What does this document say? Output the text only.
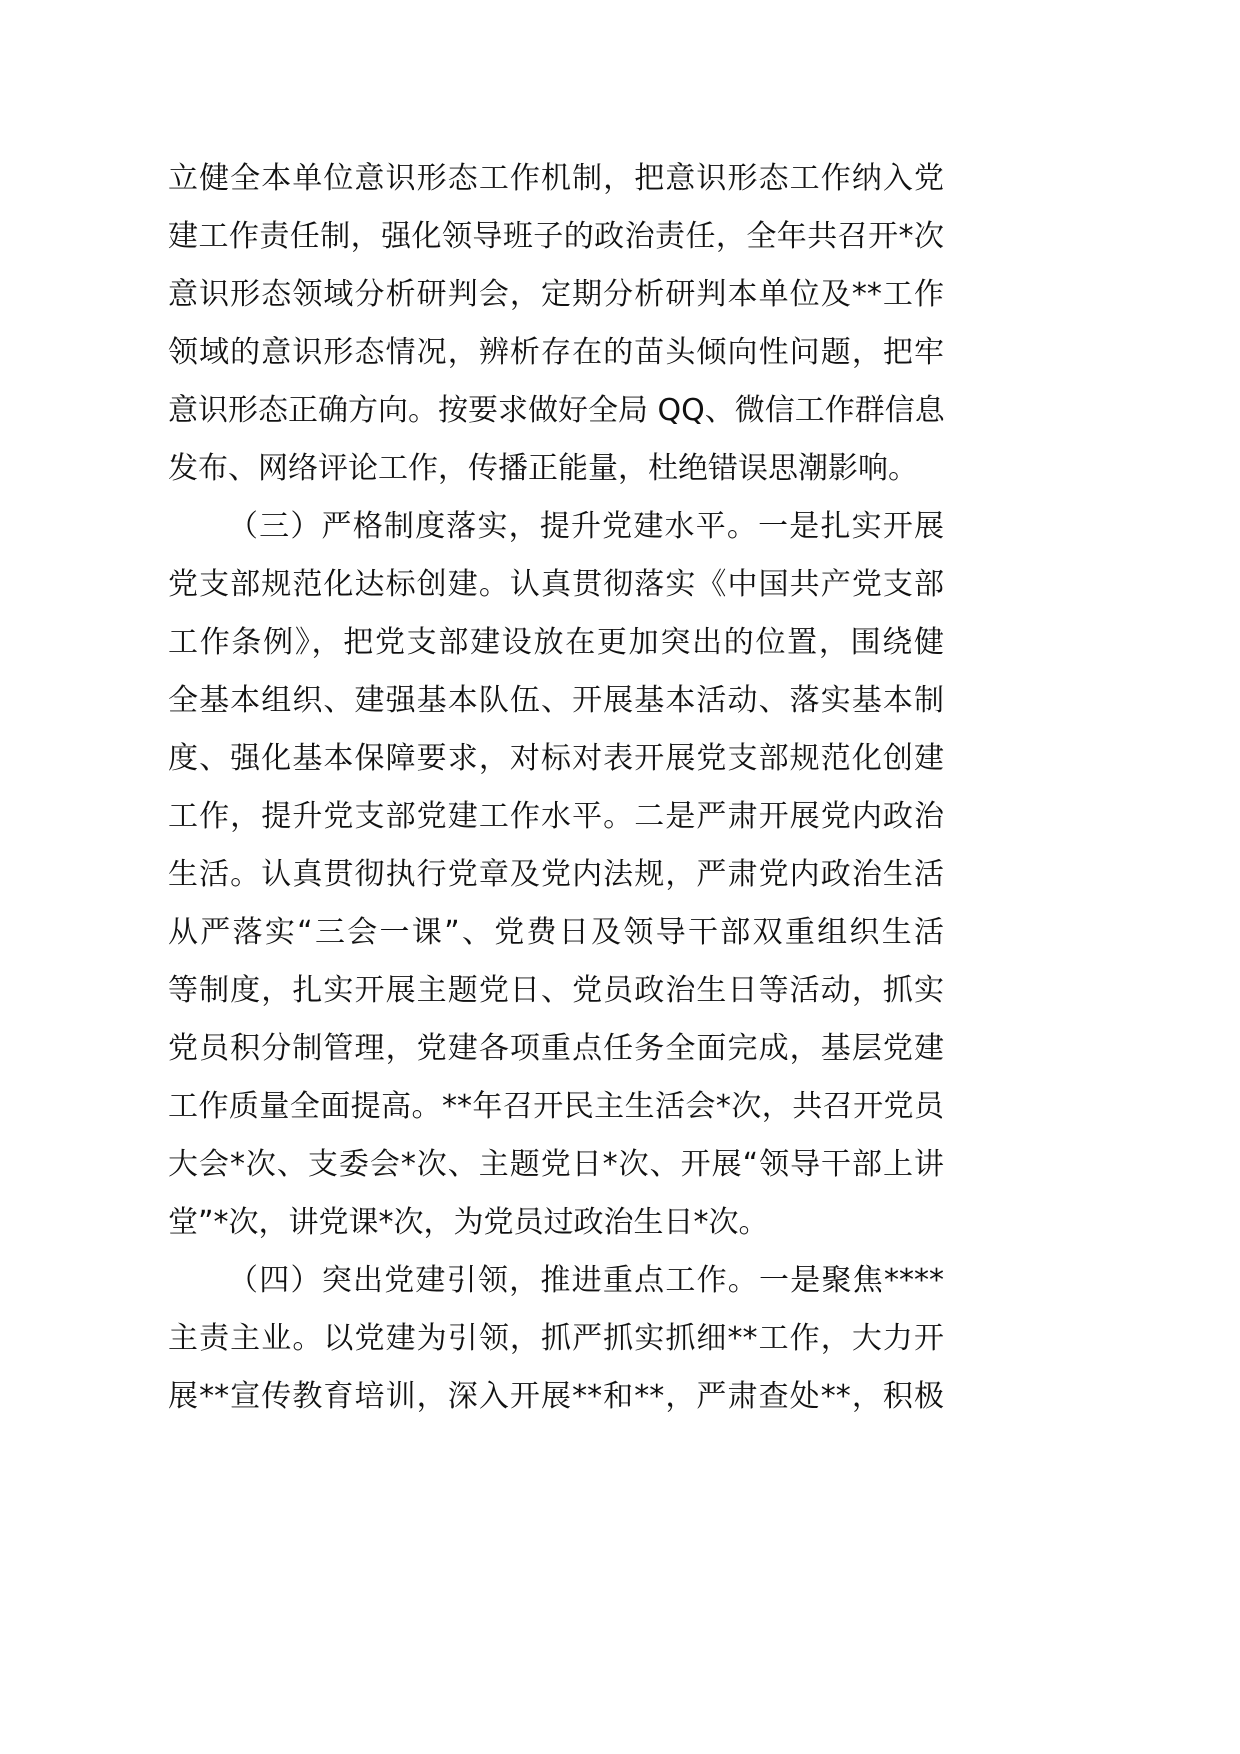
立健全本单位意识形态工作机制，把意识形态工作纳入党
建工作责任制，强化领导班子的政治责任，全年共召开*次
意识形态领域分析研判会，定期分析研判本单位及**工作
领域的意识形态情况，辨析存在的苗头倾向性问题，把牢
意识形态正确方向。按要求做好全局 QQ、微信工作群信息
发布、网络评论工作，传播正能量，杜绝错误思潮影响。
（三）严格制度落实，提升党建水平。一是扎实开展
党支部规范化达标创建。认真贯彻落实《中国共产党支部
工作条例》，把党支部建设放在更加突出的位置，围绕健
全基本组织、建强基本队伍、开展基本活动、落实基本制
度、强化基本保障要求，对标对表开展党支部规范化创建
工作，提升党支部党建工作水平。二是严肃开展党内政治
生活。认真贯彻执行党章及党内法规，严肃党内政治生活
从严落实“三会一课”、党费日及领导干部双重组织生活
等制度，扎实开展主题党日、党员政治生日等活动，抓实
党员积分制管理，党建各项重点任务全面完成，基层党建
工作质量全面提高。**年召开民主生活会*次，共召开党员
大会*次、支委会*次、主题党日*次、开展“领导干部上讲
堂”*次，讲党课*次，为党员过政治生日*次。
（四）突出党建引领，推进重点工作。一是聚焦****
主责主业。以党建为引领，抓严抓实抓细**工作，大力开
展**宣传教育培训，深入开展**和**，严肃查处**，积极
